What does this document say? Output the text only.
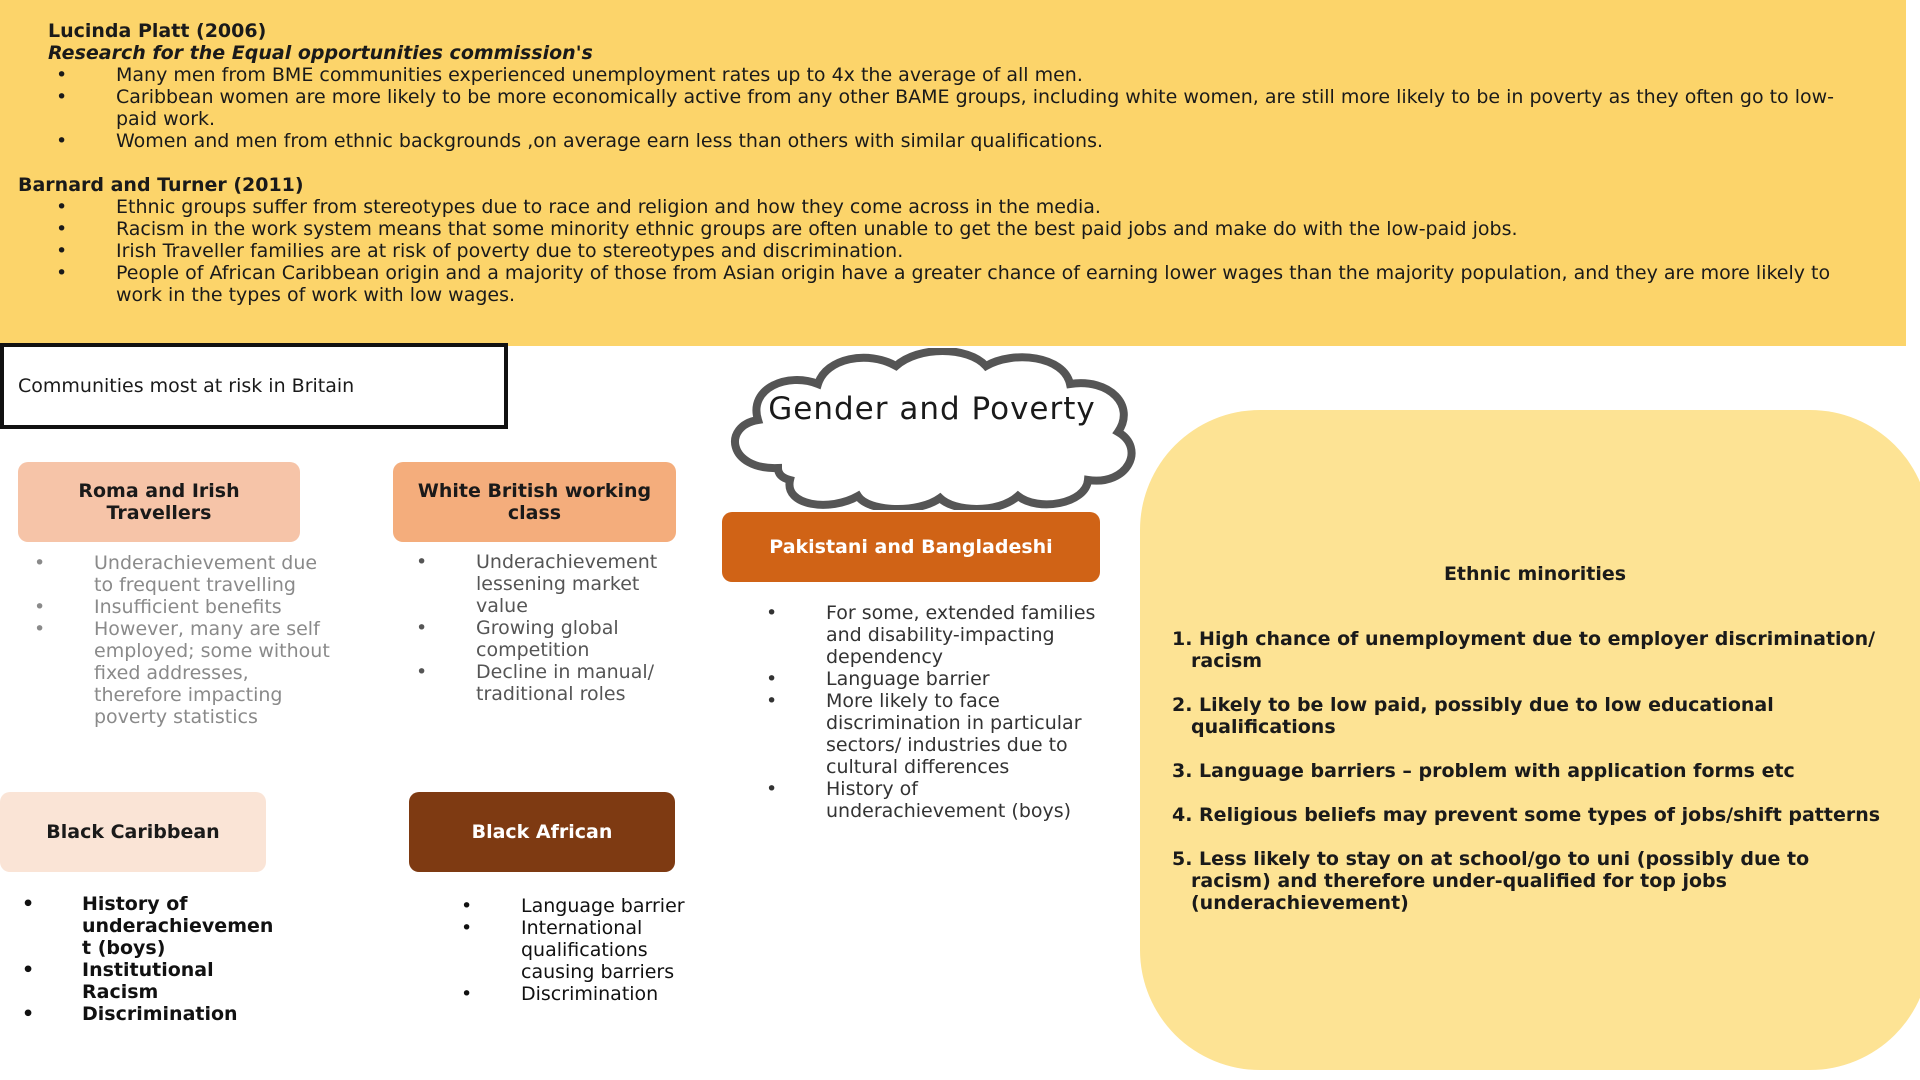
Lucinda Platt (2006)

Research for the Equal opportunities commission's

• Many men from BME communities experienced unemployment rates up to 4x the average of all men.
• Caribbean women are more likely to be more economically active from any other BAME groups, including white women, are still more likely to be in poverty as they often go to low-paid work.
• Women and men from ethnic backgrounds ,on average earn less than others with similar qualifications.

Barnard and Turner (2011)

• Ethnic groups suffer from stereotypes due to race and religion and how they come across in the media.
• Racism in the work system means that some minority ethnic groups are often unable to get the best paid jobs and make do with the low-paid jobs.
• Irish Traveller families are at risk of poverty due to stereotypes and discrimination.
• People of African Caribbean origin and a majority of those from Asian origin have a greater chance of earning lower wages than the majority population, and they are more likely to work in the types of work with low wages.
Communities most at risk in Britain
Roma and Irish Travellers
• Underachievement due to frequent travelling
• Insufficient benefits
• However, many are self employed; some without fixed addresses, therefore impacting poverty statistics
White British working class
• Underachievement lessening market value
• Growing global competition
• Decline in manual/ traditional roles
Gender and Poverty
Pakistani and Bangladeshi
• For some, extended families and disability-impacting dependency
• Language barrier
• More likely to face discrimination in particular sectors/ industries due to cultural differences
• History of underachievement (boys)
Black Caribbean
• History of underachievemen t (boys)
• Institutional Racism
• Discrimination
Black African
• Language barrier
• International qualifications causing barriers
• Discrimination
Ethnic minorities
1. High chance of unemployment due to employer discrimination/ racism
2. Likely to be low paid, possibly due to low educational qualifications
3. Language barriers – problem with application forms etc
4. Religious beliefs may prevent some types of jobs/shift patterns
5. Less likely to stay on at school/go to uni (possibly due to racism) and therefore under-qualified for top jobs (underachievement)
